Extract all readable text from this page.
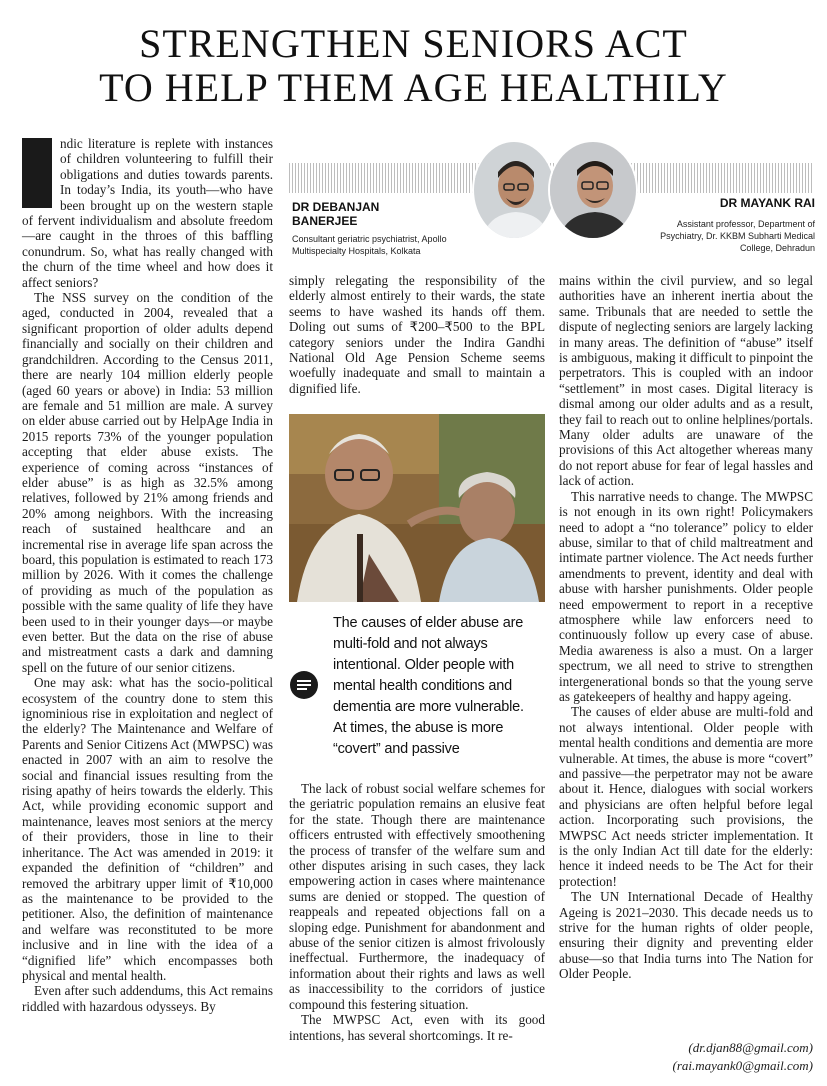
STRENGTHEN SENIORS ACT
TO HELP THEM AGE HEALTHILY

ndic literature is replete with instances of children volunteering to fulfill their obligations and duties towards parents. In today’s India, its youth—who have been brought up on the western staple of fervent individualism and absolute freedom—are caught in the throes of this baffling conundrum. So, what has really changed with the churn of the time wheel and how does it affect seniors?

The NSS survey on the condition of the aged, conducted in 2004, revealed that a significant proportion of older adults depend financially and socially on their children and grandchildren. According to the Census 2011, there are nearly 104 million elderly people (aged 60 years or above) in India: 53 million are female and 51 million are male. A survey on elder abuse carried out by HelpAge India in 2015 reports 73% of the younger population accepting that elder abuse exists. The experience of coming across “instances of elder abuse” is as high as 32.5% among relatives, followed by 21% among friends and 20% among neighbors. With the increasing reach of sustained healthcare and an incremental rise in average life span across the board, this population is estimated to reach 173 million by 2026. With it comes the challenge of providing as much of the population as possible with the same quality of life they have been used to in their younger days—or maybe even better. But the data on the rise of abuse and mistreatment casts a dark and damning spell on the future of our senior citizens.

One may ask: what has the socio-political ecosystem of the country done to stem this ignominious rise in exploitation and neglect of the elderly? The Maintenance and Welfare of Parents and Senior Citizens Act (MWPSC) was enacted in 2007 with an aim to resolve the social and financial issues resulting from the rising apathy of heirs towards the elderly. This Act, while providing economic support and maintenance, leaves most seniors at the mercy of their providers, those in line to their inheritance. The Act was amended in 2019: it expanded the definition of “children” and removed the arbitrary upper limit of ₹10,000 as the maintenance to be provided to the petitioner. Also, the definition of maintenance and welfare was reconstituted to be more inclusive and in line with the idea of a “dignified life” which encompasses both physical and mental health.

Even after such addendums, this Act remains riddled with hazardous odysseys. By

DR DEBANJAN BANERJEE
Consultant geriatric psychiatrist, Apollo Multispecialty Hospitals, Kolkata
DR MAYANK RAI
Assistant professor, Department of Psychiatry, Dr. KKBM Subharti Medical College, Dehradun

simply relegating the responsibility of the elderly almost entirely to their wards, the state seems to have washed its hands off them. Doling out sums of ₹200–₹500 to the BPL category seniors under the Indira Gandhi National Old Age Pension Scheme seems woefully inadequate and small to maintain a dignified life.

The causes of elder abuse are multi-fold and not always intentional. Older people with mental health conditions and dementia are more vulnerable. At times, the abuse is more “covert” and passive

The lack of robust social welfare schemes for the geriatric population remains an elusive feat for the state. Though there are maintenance officers entrusted with effectively smoothening the process of transfer of the welfare sum and other disputes arising in such cases, they lack empowering action in cases where maintenance sums are denied or stopped. The question of reappeals and repeated objections fall on a sloping edge. Punishment for abandonment and abuse of the senior citizen is almost frivolously ineffectual. Furthermore, the inadequacy of information about their rights and laws as well as inaccessibility to the corridors of justice compound this festering situation.

The MWPSC Act, even with its good intentions, has several shortcomings. It re-

mains within the civil purview, and so legal authorities have an inherent inertia about the same. Tribunals that are needed to settle the dispute of neglecting seniors are largely lacking in many areas. The definition of “abuse” itself is ambiguous, making it difficult to pinpoint the perpetrators. This is coupled with an indoor “settlement” in most cases. Digital literacy is dismal among our older adults and as a result, they fail to reach out to online helplines/portals. Many older adults are unaware of the provisions of this Act altogether whereas many do not report abuse for fear of legal hassles and lack of action.

This narrative needs to change. The MWPSC is not enough in its own right! Policymakers need to adopt a “no tolerance” policy to elder abuse, similar to that of child maltreatment and intimate partner violence. The Act needs further amendments to prevent, identity and deal with abuse with harsher punishments. Older people need empowerment to report in a receptive atmosphere while law enforcers need to continuously follow up every case of abuse. Media awareness is also a must. On a larger spectrum, we all need to strive to strengthen intergenerational bonds so that the young serve as gatekeepers of healthy and happy ageing.

The causes of elder abuse are multi-fold and not always intentional. Older people with mental health conditions and dementia are more vulnerable. At times, the abuse is more “covert” and passive—the perpetrator may not be aware about it. Hence, dialogues with social workers and physicians are often helpful before legal action. Incorporating such provisions, the MWPSC Act needs stricter implementation. It is the only Indian Act till date for the elderly: hence it indeed needs to be The Act for their protection!

The UN International Decade of Healthy Ageing is 2021–2030. This decade needs us to strive for the human rights of older people, ensuring their dignity and preventing elder abuse—so that India turns into The Nation for Older People.

(dr.djan88@gmail.com)
(rai.mayank0@gmail.com)
